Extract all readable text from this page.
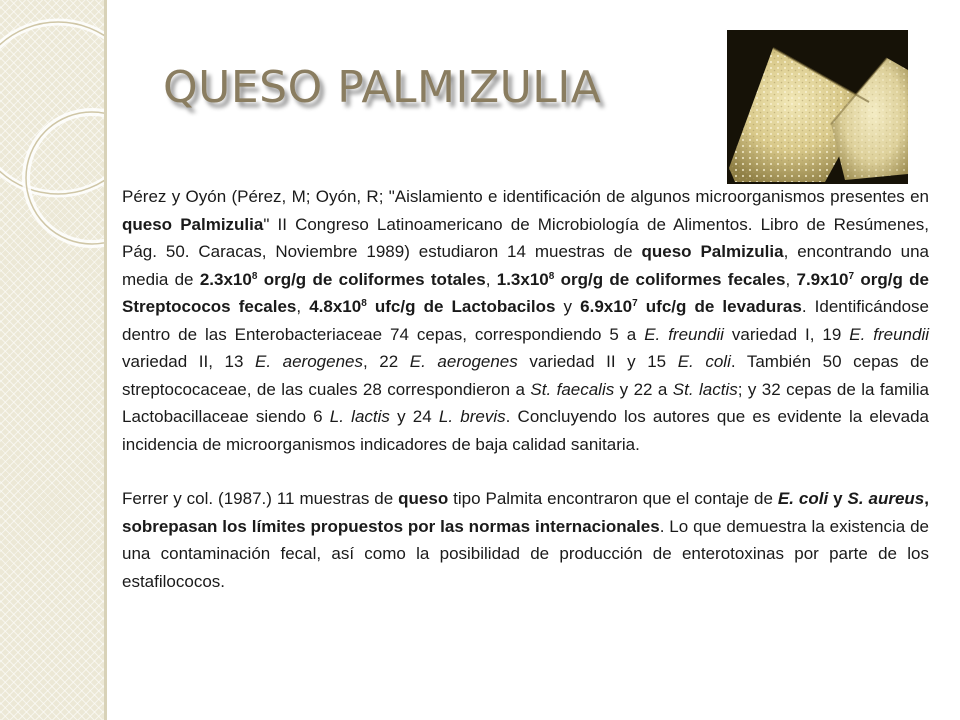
QUESO PALMIZULIA

Pérez y Oyón (Pérez, M; Oyón, R; "Aislamiento e identificación de algunos microorganismos presentes en queso Palmizulia" II Congreso Latinoamericano de Microbiología de Alimentos. Libro de Resúmenes, Pág. 50. Caracas, Noviembre 1989) estudiaron 14 muestras de queso Palmizulia, encontrando una media de $2.3x10^8$ org/g de coliformes totales, $1.3x10^8$ org/g de coliformes fecales, $7.9x10^7$ org/g de Streptococos fecales, $4.8x10^8$ ufc/g de Lactobacilos y $6.9x10^7$ ufc/g de levaduras. Identificándose dentro de las Enterobacteriaceae 74 cepas, correspondiendo 5 a E. freundii variedad I, 19 E. freundii variedad II, 13 E. aerogenes, 22 E. aerogenes variedad II y 15 E. coli. También 50 cepas de streptococaceae, de las cuales 28 correspondieron a St. faecalis y 22 a St. lactis; y 32 cepas de la familia Lactobacillaceae siendo 6 L. lactis y 24 L. brevis. Concluyendo los autores que es evidente la elevada incidencia de microorganismos indicadores de baja calidad sanitaria.

Ferrer y col. (1987.) 11 muestras de queso tipo Palmita encontraron que el contaje de E. coli y S. aureus, sobrepasan los límites propuestos por las normas internacionales. Lo que demuestra la existencia de una contaminación fecal, así como la posibilidad de producción de enterotoxinas por parte de los estafilococos.
